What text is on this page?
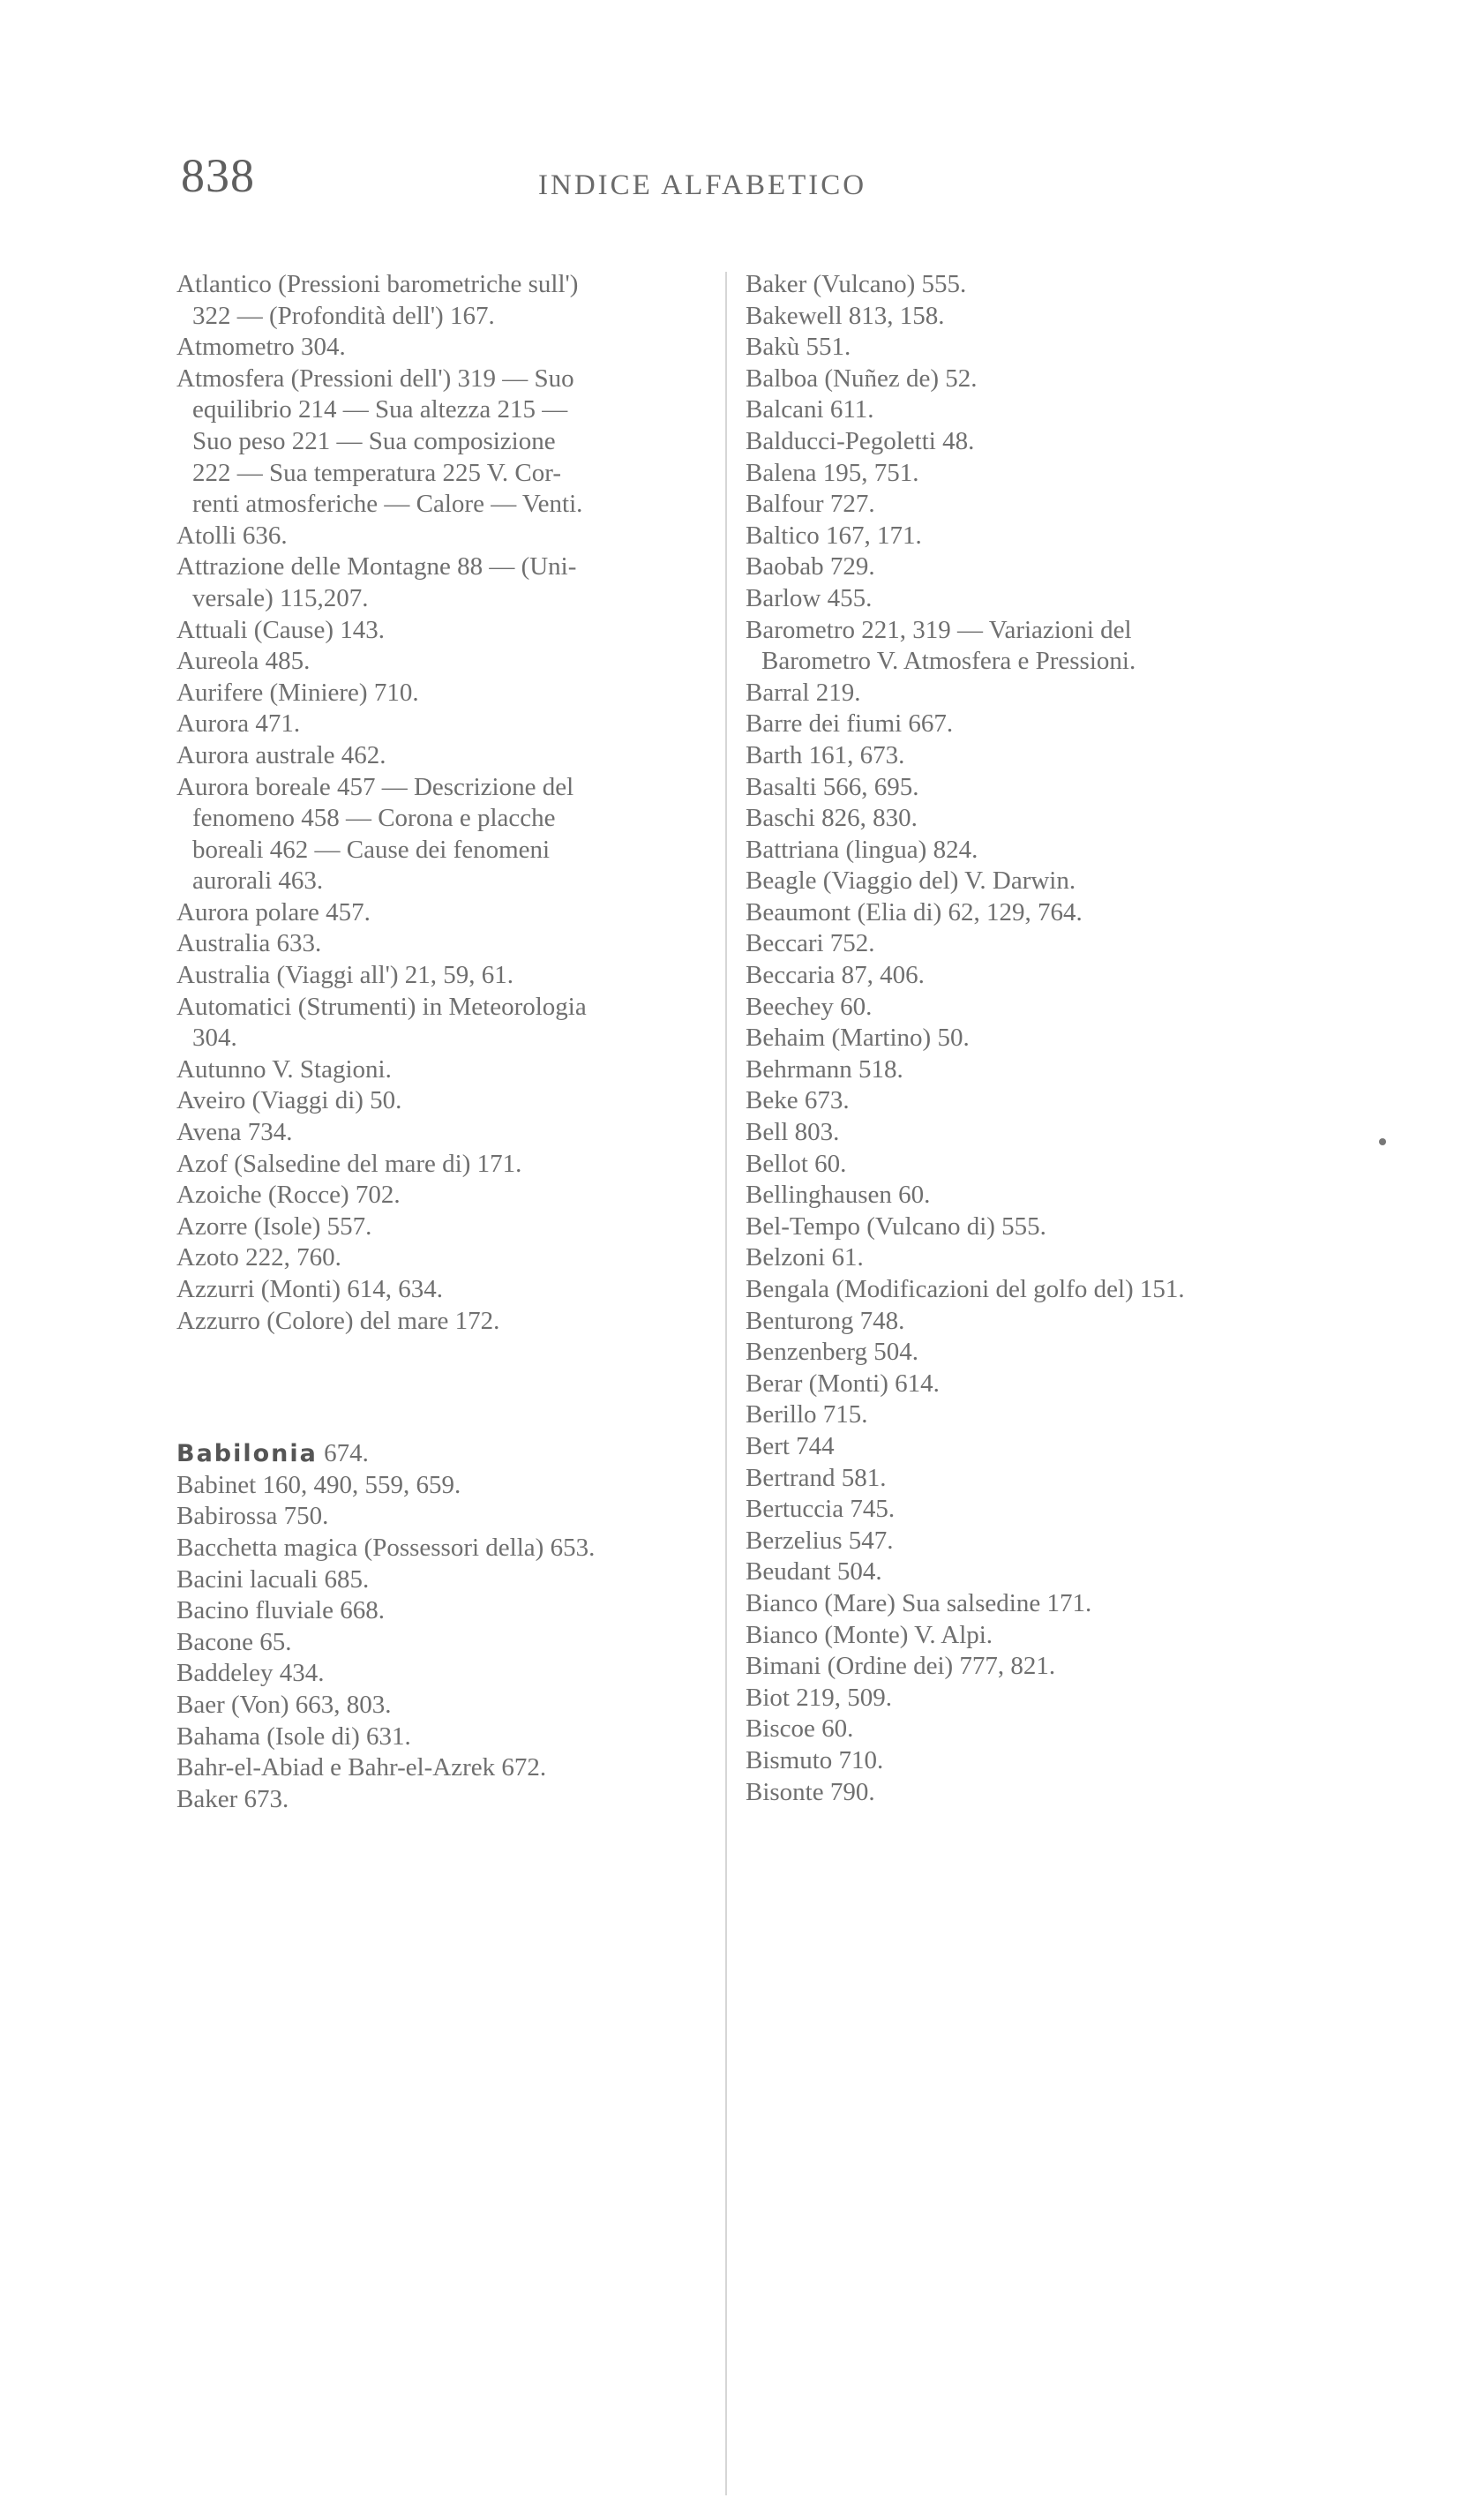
838	INDICE ALFABETICO
Atlantico (Pressioni barometriche sull')
322 — (Profondità dell') 167.
Atmometro 304.
Atmosfera (Pressioni dell') 319 — Suo
equilibrio 214 — Sua altezza 215 —
Suo peso 221 — Sua composizione
222 — Sua temperatura 225 V. Cor-
renti atmosferiche — Calore — Venti.
Atolli 636.
Attrazione delle Montagne 88 — (Uni-
versale) 115,207.
Attuali (Cause) 143.
Aureola 485.
Aurifere (Miniere) 710.
Aurora 471.
Aurora australe 462.
Aurora boreale 457 — Descrizione del
fenomeno 458 — Corona e placche
boreali 462 — Cause dei fenomeni
aurorali 463.
Aurora polare 457.
Australia 633.
Australia (Viaggi all') 21, 59, 61.
Automatici (Strumenti) in Meteorologia
304.
Autunno V. Stagioni.
Aveiro (Viaggi di) 50.
Avena 734.
Azof (Salsedine del mare di) 171.
Azoiche (Rocce) 702.
Azorre (Isole) 557.
Azoto 222, 760.
Azzurri (Monti) 614, 634.
Azzurro (Colore) del mare 172.
Babilonia 674.
Babinet 160, 490, 559, 659.
Babirossa 750.
Bacchetta magica (Possessori della) 653.
Bacini lacuali 685.
Bacino fluviale 668.
Bacone 65.
Baddeley 434.
Baer (Von) 663, 803.
Bahama (Isole di) 631.
Bahr-el-Abiad e Bahr-el-Azrek 672.
Baker 673.
Baker (Vulcano) 555.
Bakewell 813, 158.
Bakù 551.
Balboa (Nuñez de) 52.
Balcani 611.
Balducci-Pegoletti 48.
Balena 195, 751.
Balfour 727.
Baltico 167, 171.
Baobab 729.
Barlow 455.
Barometro 221, 319 — Variazioni del
Barometro V. Atmosfera e Pressioni.
Barral 219.
Barre dei fiumi 667.
Barth 161, 673.
Basalti 566, 695.
Baschi 826, 830.
Battriana (lingua) 824.
Beagle (Viaggio del) V. Darwin.
Beaumont (Elia di) 62, 129, 764.
Beccari 752.
Beccaria 87, 406.
Beechey 60.
Behaim (Martino) 50.
Behrmann 518.
Beke 673.
Bell 803.
Bellot 60.
Bellinghausen 60.
Bel-Tempo (Vulcano di) 555.
Belzoni 61.
Bengala (Modificazioni del golfo del) 151.
Benturong 748.
Benzenberg 504.
Berar (Monti) 614.
Berillo 715.
Bert 744
Bertrand 581.
Bertuccia 745.
Berzelius 547.
Beudant 504.
Bianco (Mare) Sua salsedine 171.
Bianco (Monte) V. Alpi.
Bimani (Ordine dei) 777, 821.
Biot 219, 509.
Biscoe 60.
Bismuto 710.
Bisonte 790.
